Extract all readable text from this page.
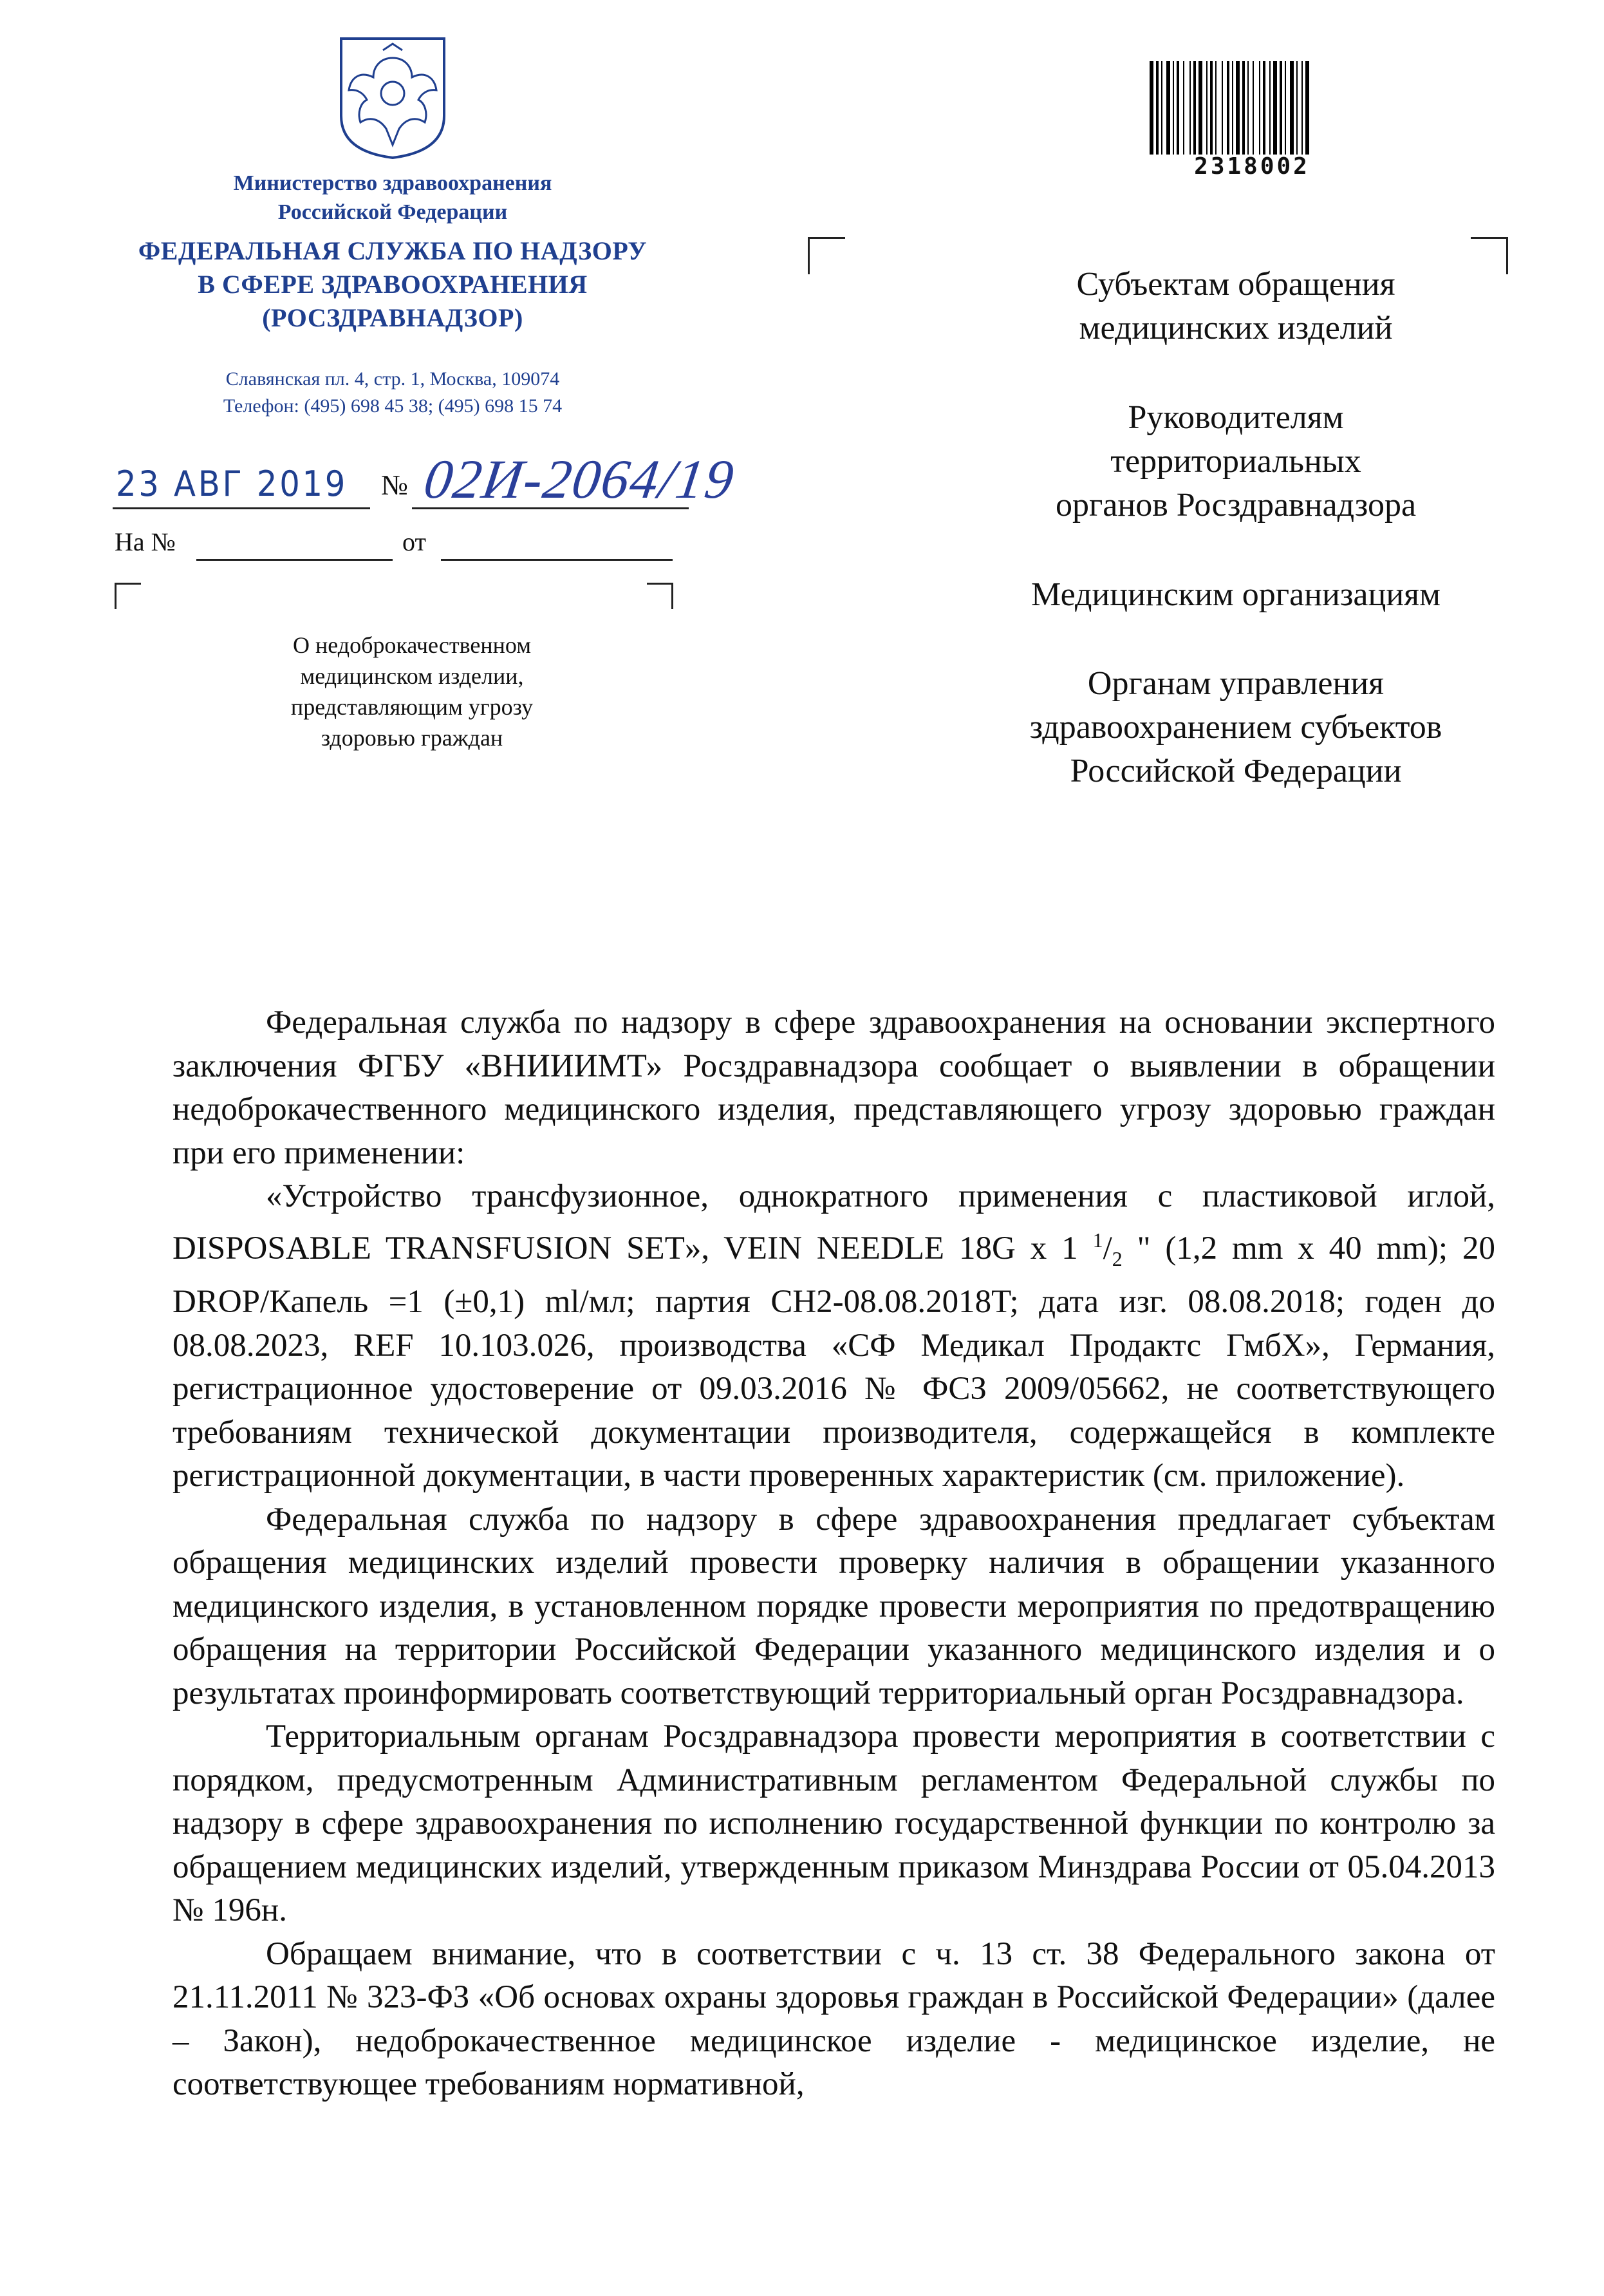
Министерство здравоохранения
Российской Федерации
ФЕДЕРАЛЬНАЯ СЛУЖБА ПО НАДЗОРУ
В СФЕРЕ ЗДРАВООХРАНЕНИЯ
(РОСЗДРАВНАДЗОР)
Славянская пл. 4, стр. 1, Москва, 109074
Телефон: (495) 698 45 38; (495) 698 15 74
23 АВГ 2019 № 02И-2064/19
На №	от
О недоброкачественном
медицинском изделии,
представляющим угрозу
здоровью граждан
2318002
Субъектам обращения
медицинских изделий
Руководителям
территориальных
органов Росздравнадзора
Медицинским организациям
Органам управления
здравоохранением субъектов
Российской Федерации

Федеральная служба по надзору в сфере здравоохранения на основании экспертного заключения ФГБУ «ВНИИИМТ» Росздравнадзора сообщает о выявлении в обращении недоброкачественного медицинского изделия, представляющего угрозу здоровью граждан при его применении:

«Устройство трансфузионное, однократного применения с пластиковой иглой, DISPOSABLE TRANSFUSION SET», VEIN NEEDLE 18G x 1 $^1/_2$ " (1,2 mm x 40 mm); 20 DROP/Капель =1 (±0,1) ml/мл; партия CH2-08.08.2018T; дата изг. 08.08.2018; годен до 08.08.2023, REF 10.103.026, производства «СФ Медикал Продактс ГмбХ», Германия, регистрационное удостоверение от 09.03.2016 № ФСЗ 2009/05662, не соответствующего требованиям технической документации производителя, содержащейся в комплекте регистрационной документации, в части проверенных характеристик (см. приложение).

Федеральная служба по надзору в сфере здравоохранения предлагает субъектам обращения медицинских изделий провести проверку наличия в обращении указанного медицинского изделия, в установленном порядке провести мероприятия по предотвращению обращения на территории Российской Федерации указанного медицинского изделия и о результатах проинформировать соответствующий территориальный орган Росздравнадзора.

Территориальным органам Росздравнадзора провести мероприятия в соответствии с порядком, предусмотренным Административным регламентом Федеральной службы по надзору в сфере здравоохранения по исполнению государственной функции по контролю за обращением медицинских изделий, утвержденным приказом Минздрава России от 05.04.2013 № 196н.

Обращаем внимание, что в соответствии с ч. 13 ст. 38 Федерального закона от 21.11.2011 № 323-ФЗ «Об основах охраны здоровья граждан в Российской Федерации» (далее – Закон), недоброкачественное медицинское изделие - медицинское изделие, не соответствующее требованиям нормативной,
